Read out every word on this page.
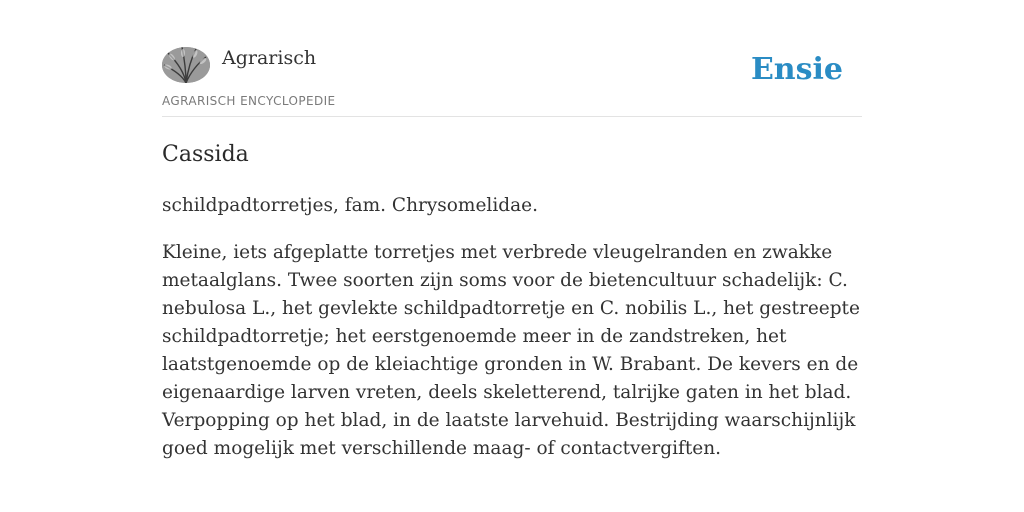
Agrarisch
AGRARISCH ENCYCLOPEDIE
Ensie
Cassida

schildpadtorretjes, fam. Chrysomelidae.

Kleine, iets afgeplatte torretjes met verbrede vleugelranden en zwakke metaalglans. Twee soorten zijn soms voor de bietencultuur schadelijk: C. nebulosa L., het gevlekte schildpadtorretje en C. nobilis L., het gestreepte schildpadtorretje; het eerstgenoemde meer in de zandstreken, het laatstgenoemde op de kleiachtige gronden in W. Brabant. De kevers en de eigenaardige larven vreten, deels skeletterend, talrijke gaten in het blad. Verpopping op het blad, in de laatste larvehuid. Bestrijding waarschijnlijk goed mogelijk met verschillende maag- of contactvergiften.
